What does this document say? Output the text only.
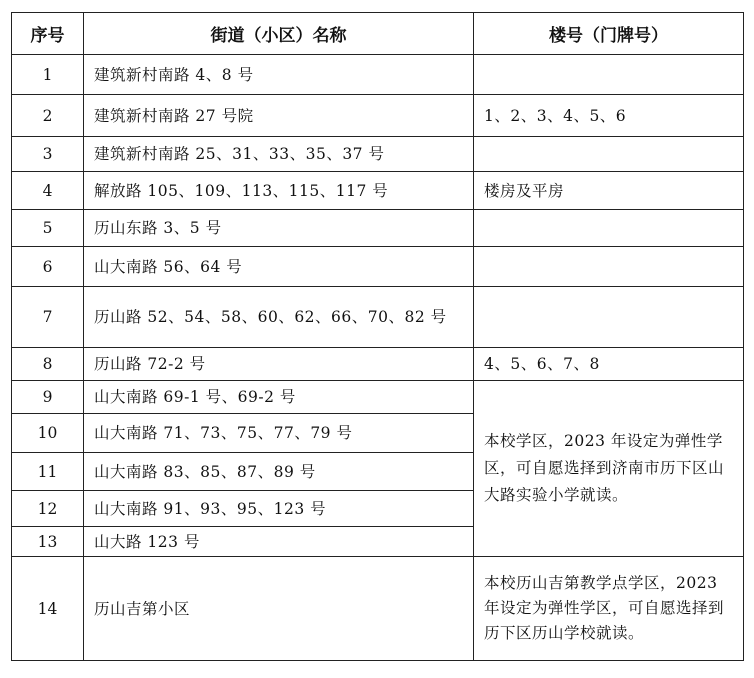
序号	街道（小区）名称	楼号（门牌号）
1	建筑新村南路 4、8 号	
2	建筑新村南路 27 号院	1、2、3、4、5、6
3	建筑新村南路 25、31、33、35、37 号	
4	解放路 105、109、113、115、117 号	楼房及平房
5	历山东路 3、5 号	
6	山大南路 56、64 号	
7	历山路 52、54、58、60、62、66、70、82 号	
8	历山路 72-2 号	4、5、6、7、8
9	山大南路 69-1 号、69-2 号	本校学区，2023 年设定为弹性学区，可自愿选择到济南市历下区山大路实验小学就读。
10	山大南路 71、73、75、77、79 号	
11	山大南路 83、85、87、89 号	
12	山大南路 91、93、95、123 号	
13	山大路 123 号	
14	历山吉第小区	本校历山吉第教学点学区，2023 年设定为弹性学区，可自愿选择到历下区历山学校就读。
